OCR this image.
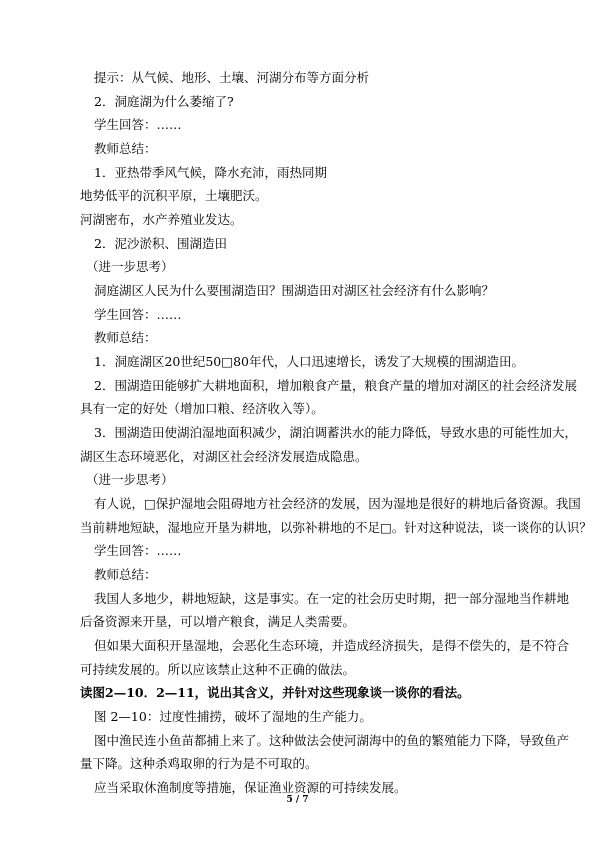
提示：从气候、地形、土壤、河湖分布等方面分析
2．洞庭湖为什么萎缩了?
学生回答：……
教师总结：
1．亚热带季风气候，降水充沛，雨热同期
地势低平的沉积平原，土壤肥沃。
河湖密布，水产养殖业发达。
2．泥沙淤积、围湖造田
（进一步思考）
洞庭湖区人民为什么要围湖造田？围湖造田对湖区社会经济有什么影响？
学生回答：……
教师总结：
1．洞庭湖区20世纪50□80年代，人口迅速增长，诱发了大规模的围湖造田。
2．围湖造田能够扩大耕地面积，增加粮食产量，粮食产量的增加对湖区的社会经济发展
具有一定的好处（增加口粮、经济收入等）。
3．围湖造田使湖泊湿地面积减少，湖泊调蓄洪水的能力降低，导致水患的可能性加大，
湖区生态环境恶化，对湖区社会经济发展造成隐患。
（进一步思考）
有人说，□保护湿地会阻碍地方社会经济的发展，因为湿地是很好的耕地后备资源。我国
当前耕地短缺，湿地应开垦为耕地，以弥补耕地的不足□。针对这种说法，谈一谈你的认识？
学生回答：……
教师总结：
我国人多地少，耕地短缺，这是事实。在一定的社会历史时期，把一部分湿地当作耕地
后备资源来开垦，可以增产粮食，满足人类需要。
但如果大面积开垦湿地，会恶化生态环境，并造成经济损失，是得不偿失的，是不符合
可持续发展的。所以应该禁止这种不正确的做法。
读图2—10．2—11，说出其含义，并针对这些现象谈一谈你的看法。
图 2—10：过度性捕捞，破坏了湿地的生产能力。
5 / 7
图中渔民连小鱼苗都捕上来了。这种做法会使河湖海中的鱼的繁殖能力下降，导致鱼产
量下降。这种杀鸡取卵的行为是不可取的。
应当采取休渔制度等措施，保证渔业资源的可持续发展。
